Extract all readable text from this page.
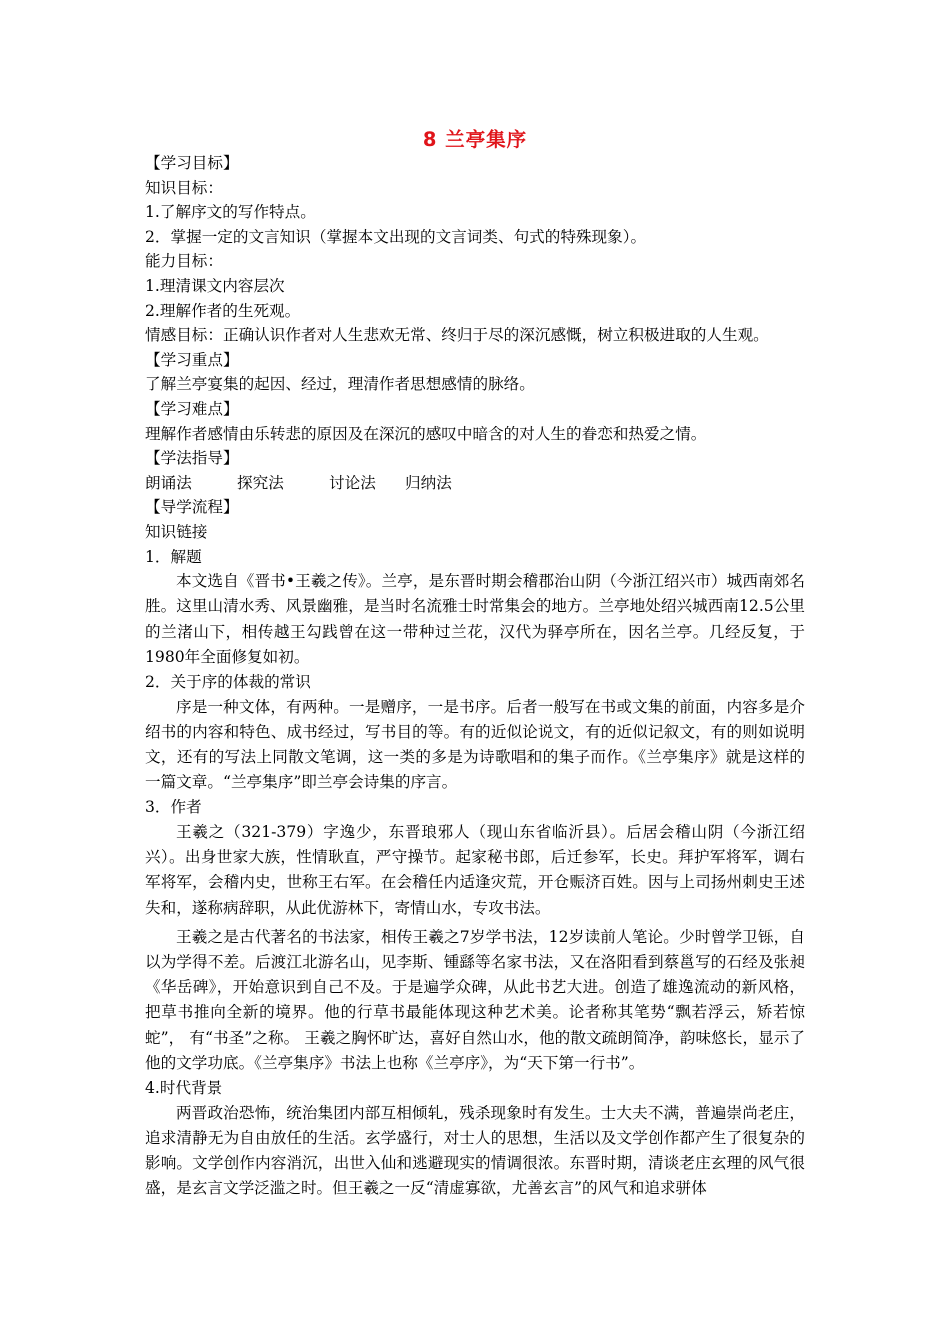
8 兰亭集序
【学习目标】
知识目标：
1.了解序文的写作特点。
2．掌握一定的文言知识（掌握本文出现的文言词类、句式的特殊现象）。
能力目标：
1.理清课文内容层次
2.理解作者的生死观。
情感目标：正确认识作者对人生悲欢无常、终归于尽的深沉感慨，树立积极进取的人生观。
【学习重点】
了解兰亭宴集的起因、经过，理清作者思想感情的脉络。
【学习难点】
理解作者感情由乐转悲的原因及在深沉的感叹中暗含的对人生的眷恋和热爱之情。
【学法指导】
朗诵法	探究法	讨论法 归纳法
【导学流程】
知识链接
1．解题
本文选自《晋书•王羲之传》。兰亭，是东晋时期会稽郡治山阴（今浙江绍兴市）城西南郊名胜。这里山清水秀、风景幽雅，是当时名流雅士时常集会的地方。兰亭地处绍兴城西南12.5公里的兰渚山下，相传越王勾践曾在这一带种过兰花，汉代为驿亭所在，因名兰亭。几经反复，于1980年全面修复如初。
2．关于序的体裁的常识
序是一种文体，有两种。一是赠序，一是书序。后者一般写在书或文集的前面，内容多是介绍书的内容和特色、成书经过，写书目的等。有的近似论说文，有的近似记叙文，有的则如说明文，还有的写法上同散文笔调，这一类的多是为诗歌唱和的集子而作。《兰亭集序》就是这样的一篇文章。“兰亭集序”即兰亭会诗集的序言。
3．作者
王羲之（321-379）字逸少，东晋琅邪人（现山东省临沂县）。后居会稽山阴（今浙江绍兴）。出身世家大族，性情耿直，严守操节。起家秘书郎，后迁参军，长史。拜护军将军，调右军将军，会稽内史，世称王右军。在会稽任内适逢灾荒，开仓赈济百姓。因与上司扬州刺史王述失和，遂称病辞职，从此优游林下，寄情山水，专攻书法。
王羲之是古代著名的书法家，相传王羲之7岁学书法，12岁读前人笔论。少时曾学卫铄，自以为学得不差。后渡江北游名山，见李斯、锺繇等名家书法，又在洛阳看到蔡邕写的石经及张昶《华岳碑》，开始意识到自己不及。于是遍学众碑，从此书艺大进。创造了雄逸流动的新风格，把草书推向全新的境界。他的行草书最能体现这种艺术美。论者称其笔势“飘若浮云，矫若惊蛇”， 有“书圣”之称。 王羲之胸怀旷达，喜好自然山水，他的散文疏朗简净，韵味悠长，显示了他的文学功底。《兰亭集序》书法上也称《兰亭序》，为“天下第一行书”。
4.时代背景
两晋政治恐怖，统治集团内部互相倾轧，残杀现象时有发生。士大夫不满，普遍崇尚老庄，追求清静无为自由放任的生活。玄学盛行，对士人的思想，生活以及文学创作都产生了很复杂的影响。文学创作内容消沉，出世入仙和逃避现实的情调很浓。东晋时期，清谈老庄玄理的风气很盛，是玄言文学泛滥之时。但王羲之一反“清虚寡欲，尤善玄言”的风气和追求骈体
